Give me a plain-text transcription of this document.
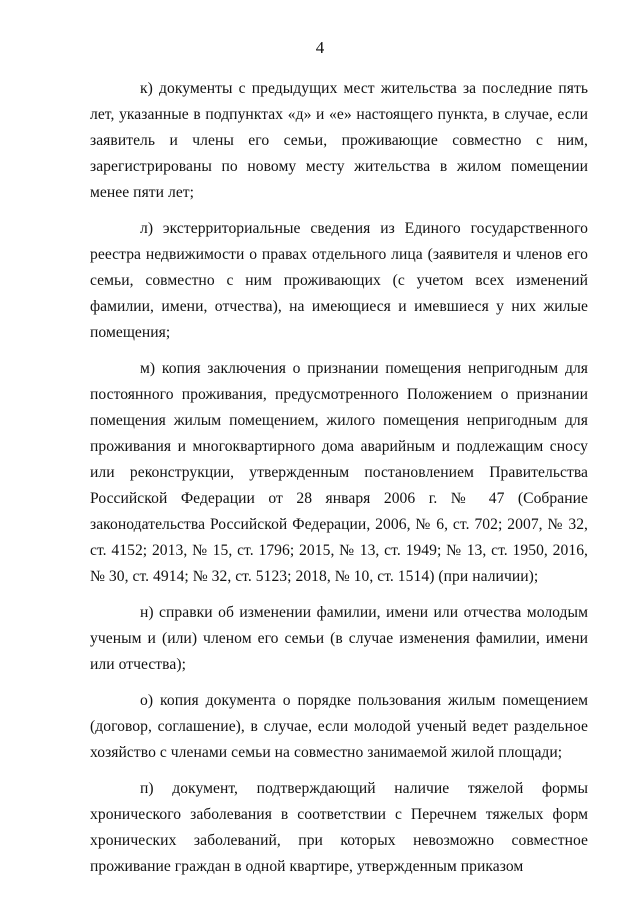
4

к) документы с предыдущих мест жительства за последние пять лет, указанные в подпунктах «д» и «е» настоящего пункта, в случае, если заявитель и члены его семьи, проживающие совместно с ним, зарегистрированы по новому месту жительства в жилом помещении менее пяти лет;

л) экстерриториальные сведения из Единого государственного реестра недвижимости о правах отдельного лица (заявителя и членов его семьи, совместно с ним проживающих (с учетом всех изменений фамилии, имени, отчества), на имеющиеся и имевшиеся у них жилые помещения;

м) копия заключения о признании помещения непригодным для постоянного проживания, предусмотренного Положением о признании помещения жилым помещением, жилого помещения непригодным для проживания и многоквартирного дома аварийным и подлежащим сносу или реконструкции, утвержденным постановлением Правительства Российской Федерации от 28 января 2006 г. № 47 (Собрание законодательства Российской Федерации, 2006, № 6, ст. 702; 2007, № 32, ст. 4152; 2013, № 15, ст. 1796; 2015, № 13, ст. 1949; № 13, ст. 1950, 2016, № 30, ст. 4914; № 32, ст. 5123; 2018, № 10, ст. 1514) (при наличии);

н) справки об изменении фамилии, имени или отчества молодым ученым и (или) членом его семьи (в случае изменения фамилии, имени или отчества);

о) копия документа о порядке пользования жилым помещением (договор, соглашение), в случае, если молодой ученый ведет раздельное хозяйство с членами семьи на совместно занимаемой жилой площади;

п) документ, подтверждающий наличие тяжелой формы хронического заболевания в соответствии с Перечнем тяжелых форм хронических заболеваний, при которых невозможно совместное проживание граждан в одной квартире, утвержденным приказом
